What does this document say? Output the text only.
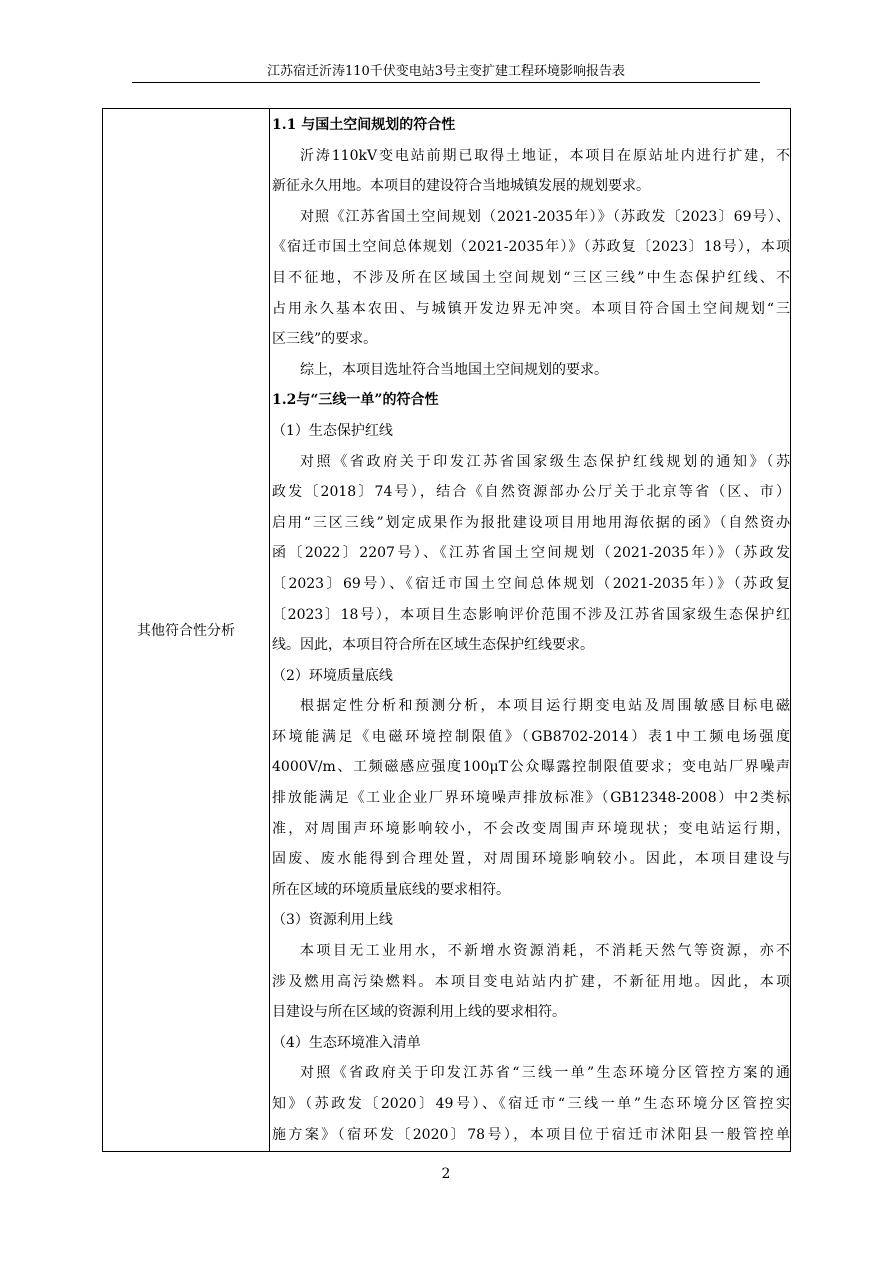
江苏宿迁沂涛110千伏变电站3号主变扩建工程环境影响报告表
其他符合性分析
1.1 与国土空间规划的符合性
沂涛110kV变电站前期已取得土地证，本项目在原站址内进行扩建，不
新征永久用地。本项目的建设符合当地城镇发展的规划要求。
对照《江苏省国土空间规划（2021-2035年）》（苏政发〔2023〕69号）、
《宿迁市国土空间总体规划（2021-2035年）》（苏政复〔2023〕18号），本项
目不征地，不涉及所在区域国土空间规划“三区三线”中生态保护红线、不
占用永久基本农田、与城镇开发边界无冲突。本项目符合国土空间规划“三
区三线”的要求。
综上，本项目选址符合当地国土空间规划的要求。
1.2与“三线一单”的符合性
（1）生态保护红线
对照《省政府关于印发江苏省国家级生态保护红线规划的通知》（苏
政发〔2018〕74号），结合《自然资源部办公厅关于北京等省（区、市）
启用“三区三线”划定成果作为报批建设项目用地用海依据的函》（自然资办
函〔2022〕2207号）、《江苏省国土空间规划（2021-2035年）》（苏政发
〔2023〕69号）、《宿迁市国土空间总体规划（2021-2035年）》（苏政复
〔2023〕18号），本项目生态影响评价范围不涉及江苏省国家级生态保护红
线。因此，本项目符合所在区域生态保护红线要求。
（2）环境质量底线
根据定性分析和预测分析，本项目运行期变电站及周围敏感目标电磁
环境能满足《电磁环境控制限值》（GB8702-2014）表1中工频电场强度
4000V/m、工频磁感应强度100μT公众曝露控制限值要求；变电站厂界噪声
排放能满足《工业企业厂界环境噪声排放标准》（GB12348-2008）中2类标
准，对周围声环境影响较小，不会改变周围声环境现状；变电站运行期，
固废、废水能得到合理处置，对周围环境影响较小。因此，本项目建设与
所在区域的环境质量底线的要求相符。
（3）资源利用上线
本项目无工业用水，不新增水资源消耗，不消耗天然气等资源，亦不
涉及燃用高污染燃料。本项目变电站站内扩建，不新征用地。因此，本项
目建设与所在区域的资源利用上线的要求相符。
（4）生态环境准入清单
对照《省政府关于印发江苏省“三线一单”生态环境分区管控方案的通
知》（苏政发〔2020〕49号）、《宿迁市“三线一单”生态环境分区管控实
施方案》（宿环发〔2020〕78号），本项目位于宿迁市沭阳县一般管控单
2
